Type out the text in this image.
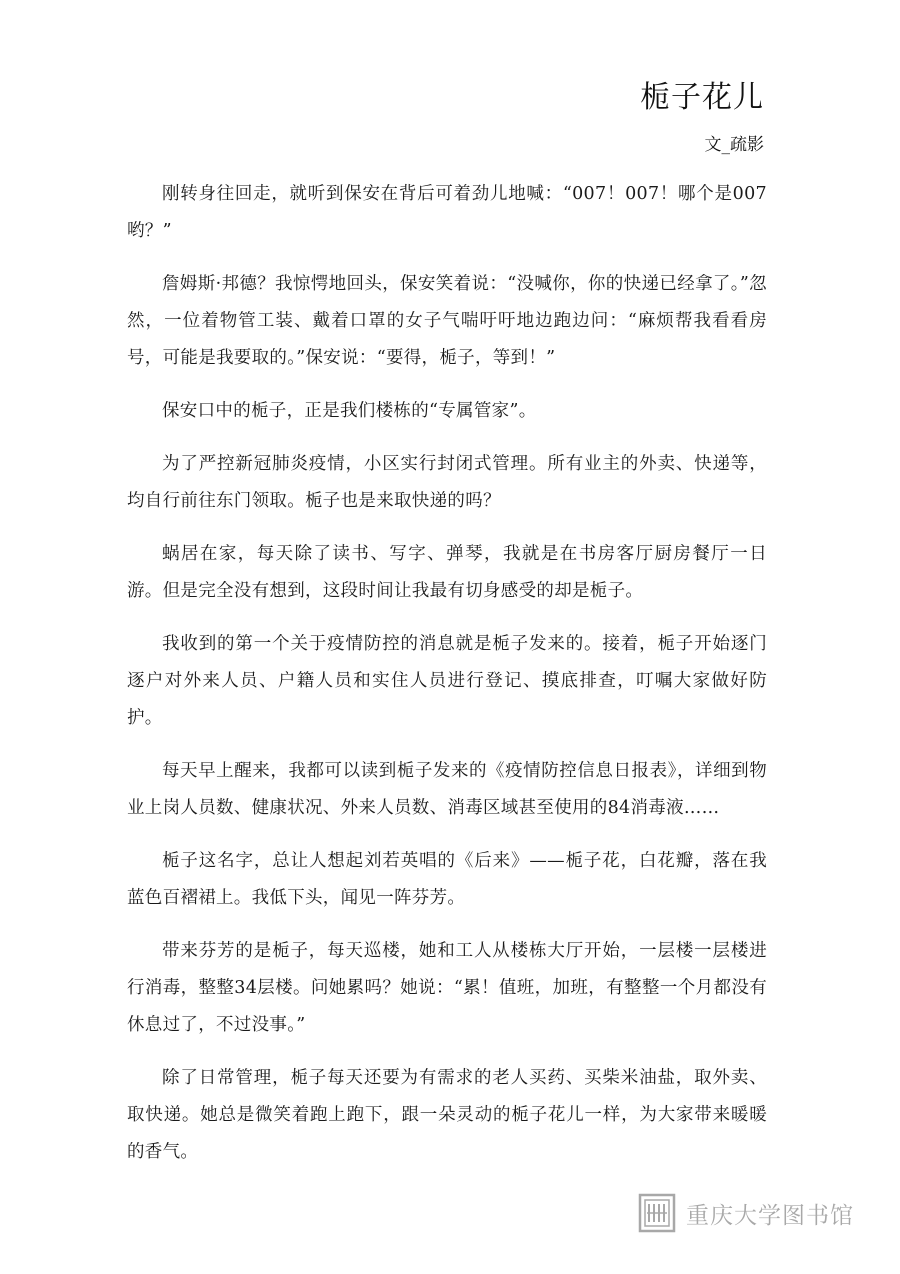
栀子花儿
文_疏影

刚转身往回走，就听到保安在背后可着劲儿地喊：“007！007！哪个是007哟？”

詹姆斯·邦德？我惊愕地回头，保安笑着说：“没喊你，你的快递已经拿了。”忽然，一位着物管工装、戴着口罩的女子气喘吁吁地边跑边问：“麻烦帮我看看房号，可能是我要取的。”保安说：“要得，栀子，等到！”

保安口中的栀子，正是我们楼栋的“专属管家”。

为了严控新冠肺炎疫情，小区实行封闭式管理。所有业主的外卖、快递等，均自行前往东门领取。栀子也是来取快递的吗？

蜗居在家，每天除了读书、写字、弹琴，我就是在书房客厅厨房餐厅一日游。但是完全没有想到，这段时间让我最有切身感受的却是栀子。

我收到的第一个关于疫情防控的消息就是栀子发来的。接着，栀子开始逐门逐户对外来人员、户籍人员和实住人员进行登记、摸底排查，叮嘱大家做好防护。

每天早上醒来，我都可以读到栀子发来的《疫情防控信息日报表》，详细到物业上岗人员数、健康状况、外来人员数、消毒区域甚至使用的84消毒液……

栀子这名字，总让人想起刘若英唱的《后来》——栀子花，白花瓣，落在我蓝色百褶裙上。我低下头，闻见一阵芬芳。

带来芬芳的是栀子，每天巡楼，她和工人从楼栋大厅开始，一层楼一层楼进行消毒，整整34层楼。问她累吗？她说：“累！值班，加班，有整整一个月都没有休息过了，不过没事。”

除了日常管理，栀子每天还要为有需求的老人买药、买柴米油盐，取外卖、取快递。她总是微笑着跑上跑下，跟一朵灵动的栀子花儿一样，为大家带来暖暖的香气。

重庆大学图书馆
